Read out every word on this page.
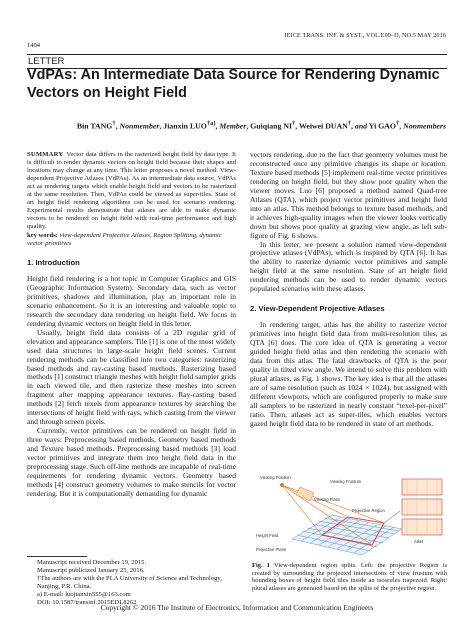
1404
IEICE TRANS. INF. & SYST., VOL.E99–D, NO.5 MAY 2016
LETTER
VdPAs: An Intermediate Data Source for Rendering Dynamic Vectors on Height Field
Bin TANG†, Nonmember, Jianxin LUO$^{\dagger a)}$, Member, Guiqiang NI†, Weiwei DUAN†, and Yi GAO†, Nonmembers
SUMMARY Vector data differs in the rasterized height field by data type. It is difficult to render dynamic vectors on height field because their shapes and locations may change at any time. This letter proposes a novel method: View-dependent Projective Atlases (VdPAs). As an intermediate data source, VdPAs act as rendering targets which enable height field and vectors to be rasterized at the same resolution. Then, VdPAs could be viewed as super-tiles. State of art height field rendering algorithms can be used for scenario rendering. Experimental results demonstrate that atlases are able to make dynamic vectors to be rendered on height field with real-time performance and high quality.
key words: view-dependent Projective Atlases, Region Splitting, dynamic vector primitives
1. Introduction

Height field rendering is a hot topic in Computer Graphics and GIS (Geographic Information System). Secondary data, such as vector primitives, shadows and illumination, play an important role in scenario enhancement. So it is an interesting and valuable topic to research the secondary data rendering on height field. We focus in rendering dynamic vectors on height field in this letter.

Usually, height field data consists of a 2D regular grid of elevation and appearance samplers. Tile [1] is one of the most widely used data structures in large-scale height field scenes. Current rendering methods can be classified into two categories: rasterizing based methods and ray-casting based methods. Rasterizing based methods [1] construct triangle meshes with height field sampler grids in each viewed tile, and then rasterize these meshes into screen fragment after mapping appearance textures. Ray-casting based methods [2] fetch texels from appearance textures by searching the intersections of height field with rays, which casting from the viewer and through screen pixels.

Currently, vector primitives can be rendered on height field in three ways: Preprocessing based methods, Geometry based methods and Texture based methods. Preprocessing based methods [3] load vector primitives and integrate them into height field data in the preprocessing stage. Such off-line methods are incapable of real-time requirements for rendering dynamic vectors. Geometry based methods [4] construct geometry volumes to make stencils for vector rendering. But it is computationally demanding for dynamic

Manuscript received December 19, 2015.
Manuscript publicized January 25, 2016.
†The authors are with the PLA University of Science and Technology, Nanjing, P.R. China.
a) E-mail: luojianxin555@163.com
DOI: 10.1587/transinf.2015EDL8262

vectors rendering, due to the fact that geometry volumes must be reconstructed once any primitive changes its shape or location. Texture based methods [5] implement real-time vector primitives rendering on height field, but they show poor quality when the viewer moves. Luo [6] proposed a method named Quad-tree Atlases (QTA), which project vector primitives and height field into an atlas. This method belongs to texture based methods, and it achieves high-quality images when the viewer looks vertically down but shows poor quality at grazing view angle, as left sub-figure of Fig. 6 shows.

In this letter, we present a solution named view-dependent projective atlases (VdPAs), which is inspired by QTA [6]. It has the ability to rasterize dynamic vector primitives and sample height field at the same resolution. State of art height field rendering methods can be used to render dynamic vectors populated scenarios with these atlases.

2. View-Dependent Projective Atlases

In rendering target, atlas has the ability to rasterize vector primitives into height field data from multi-resolution tiles, as QTA [6] does. The core idea of QTA is generating a vector guided height field atlas and then rendering the scenario with data from this atlas. The fatal drawbacks of QTA is the poor quality in tilted view angle. We intend to solve this problem with plural atlases, as Fig. 1 shows. The key idea is that all the atlases are of same resolution (such as 1024 × 1024), but assigned with different viewports, which are configured properly to make sure all samplers to be rasterized in nearly constant “texel-per-pixel” ratio. Then, atlases act as super-tiles, which enables vectors gazed height field data to be rendered in state of art methods.

Viewing Position
Viewing Frustum
Viewing Plane
Projective Region
Atlas
Height Field
Projective Plane
Fig. 1 View-dependent region splits. Left: the projective Region is created by surrounding the projected intersections of view frustum with bounding boxes of height field tiles inside an isosceles trapezoid. Right: plural atlases are generated based on the splits of the projective region.
Copyright © 2016 The Institute of Electronics, Information and Communication Engineers
